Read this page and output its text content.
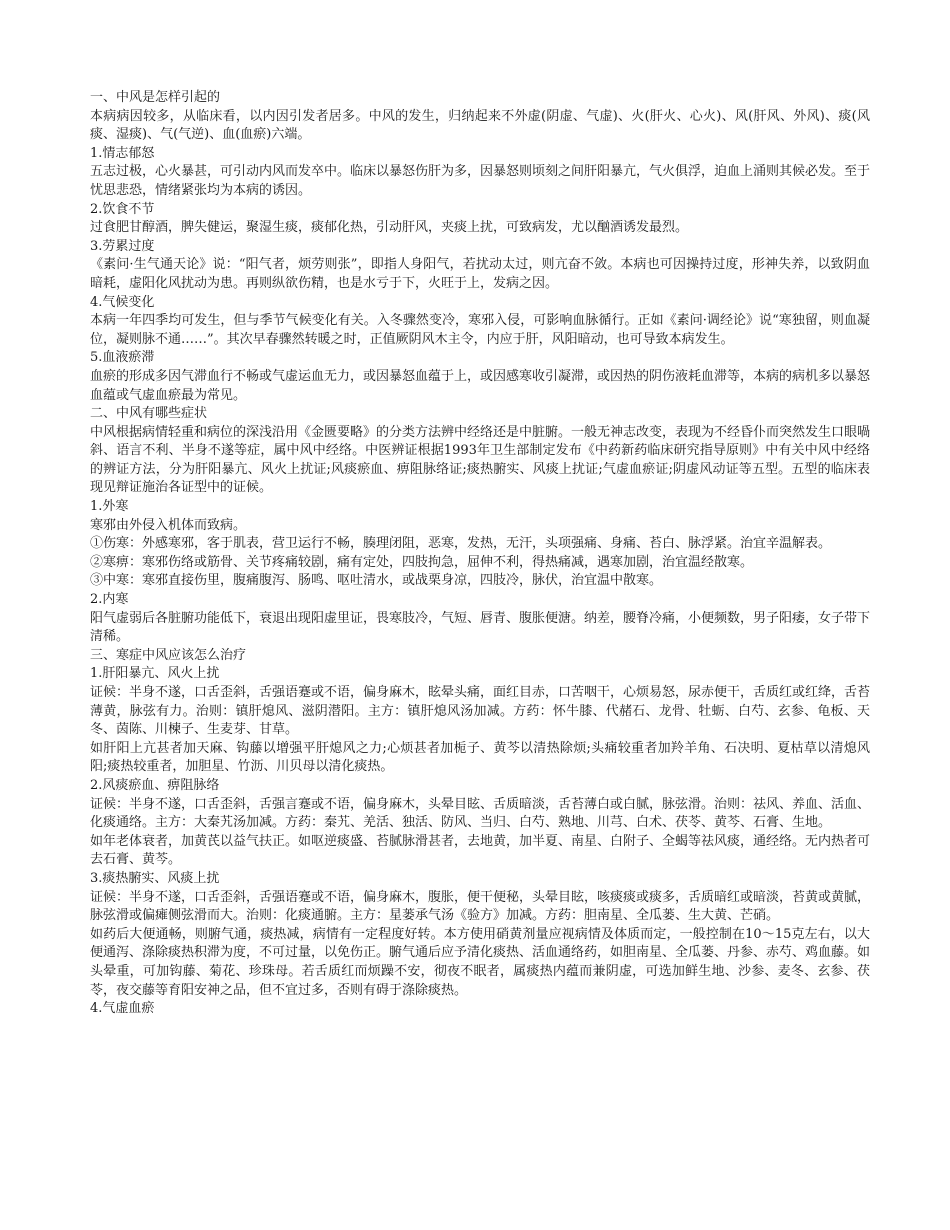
一、中风是怎样引起的

本病病因较多，从临床看，以内因引发者居多。中风的发生，归纳起来不外虚(阴虚、气虚)、火(肝火、心火)、风(肝风、外风)、痰(风痰、湿痰)、气(气逆)、血(血瘀)六端。

1.情志郁怒

五志过极，心火暴甚，可引动内风而发卒中。临床以暴怒伤肝为多，因暴怒则顷刻之间肝阳暴亢，气火俱浮，迫血上涌则其候必发。至于忧思悲恐，情绪紧张均为本病的诱因。

2.饮食不节

过食肥甘醇酒，脾失健运，聚湿生痰，痰郁化热，引动肝风，夹痰上扰，可致病发，尤以酗酒诱发最烈。

3.劳累过度

《素问·生气通天论》说：“阳气者，烦劳则张”，即指人身阳气，若扰动太过，则亢奋不敛。本病也可因操持过度，形神失养，以致阴血暗耗，虚阳化风扰动为患。再则纵欲伤精，也是水亏于下，火旺于上，发病之因。

4.气候变化

本病一年四季均可发生，但与季节气候变化有关。入冬骤然变冷，寒邪入侵，可影响血脉循行。正如《素问·调经论》说“寒独留，则血凝位，凝则脉不通……”。其次早春骤然转暖之时，正值厥阴风木主令，内应于肝，风阳暗动，也可导致本病发生。

5.血液瘀滞

血瘀的形成多因气滞血行不畅或气虚运血无力，或因暴怒血蕴于上，或因感寒收引凝滞，或因热的阴伤液耗血滞等，本病的病机多以暴怒血蕴或气虚血瘀最为常见。

二、中风有哪些症状

中风根据病情轻重和病位的深浅沿用《金匮要略》的分类方法辨中经络还是中脏腑。一般无神志改变，表现为不经昏仆而突然发生口眼喎斜、语言不利、半身不遂等症，属中风中经络。中医辨证根据1993年卫生部制定发布《中药新药临床研究指导原则》中有关中风中经络的辨证方法，分为肝阳暴亢、风火上扰证;风痰瘀血、痹阻脉络证;痰热腑实、风痰上扰证;气虚血瘀证;阴虚风动证等五型。五型的临床表现见辩证施治各证型中的证候。

1.外寒

寒邪由外侵入机体而致病。

①伤寒：外感寒邪，客于肌表，营卫运行不畅，腠理闭阻，恶寒，发热，无汗，头项强痛、身痛、苔白、脉浮紧。治宜辛温解表。

②寒痹：寒邪伤络或筋骨、关节疼痛较剧，痛有定处，四肢拘急，屈伸不利，得热痛减，遇寒加剧，治宜温经散寒。

③中寒：寒邪直接伤里，腹痛腹泻、肠鸣、呕吐清水，或战栗身凉，四肢冷，脉伏，治宜温中散寒。

2.内寒

阳气虚弱后各脏腑功能低下，衰退出现阳虚里证，畏寒肢冷，气短、唇青、腹胀便溏。纳差，腰脊冷痛，小便频数，男子阳痿，女子带下清稀。

三、寒症中风应该怎么治疗
1.肝阳暴亢、风火上扰

证候：半身不遂，口舌歪斜，舌强语蹇或不语，偏身麻木，眩晕头痛，面红目赤，口苦咽干，心烦易怒，尿赤便干，舌质红或红绛，舌苔薄黄，脉弦有力。治则：镇肝熄风、滋阴潜阳。主方：镇肝熄风汤加减。方药：怀牛膝、代赭石、龙骨、牡蛎、白芍、玄参、龟板、天冬、茵陈、川楝子、生麦芽、甘草。

如肝阳上亢甚者加天麻、钩藤以增强平肝熄风之力;心烦甚者加栀子、黄芩以清热除烦;头痛较重者加羚羊角、石决明、夏枯草以清熄风阳;痰热较重者，加胆星、竹沥、川贝母以清化痰热。

2.风痰瘀血、痹阻脉络

证候：半身不遂，口舌歪斜，舌强言蹇或不语，偏身麻木，头晕目眩、舌质暗淡，舌苔薄白或白腻，脉弦滑。治则：祛风、养血、活血、化痰通络。主方：大秦艽汤加减。方药：秦艽、羌活、独活、防风、当归、白芍、熟地、川芎、白术、茯苓、黄芩、石膏、生地。

如年老体衰者，加黄芪以益气扶正。如呕逆痰盛、苔腻脉滑甚者，去地黄，加半夏、南星、白附子、全蝎等祛风痰，通经络。无内热者可去石膏、黄芩。

3.痰热腑实、风痰上扰

证候：半身不遂，口舌歪斜，舌强语蹇或不语，偏身麻木，腹胀，便干便秘，头晕目眩，咳痰痰或痰多，舌质暗红或暗淡，苔黄或黄腻，脉弦滑或偏瘫侧弦滑而大。治则：化痰通腑。主方：星蒌承气汤《验方》加减。方药：胆南星、全瓜蒌、生大黄、芒硝。

如药后大便通畅，则腑气通，痰热减，病情有一定程度好转。本方使用硝黄剂量应视病情及体质而定，一般控制在10～15克左右，以大便通泻、涤除痰热积滞为度，不可过量，以免伤正。腑气通后应予清化痰热、活血通络药，如胆南星、全瓜蒌、丹参、赤芍、鸡血藤。如头晕重，可加钩藤、菊花、珍珠母。若舌质红而烦躁不安，彻夜不眠者，属痰热内蕴而兼阴虚，可选加鲜生地、沙参、麦冬、玄参、茯苓，夜交藤等育阳安神之品，但不宜过多，否则有碍于涤除痰热。

4.气虚血瘀
